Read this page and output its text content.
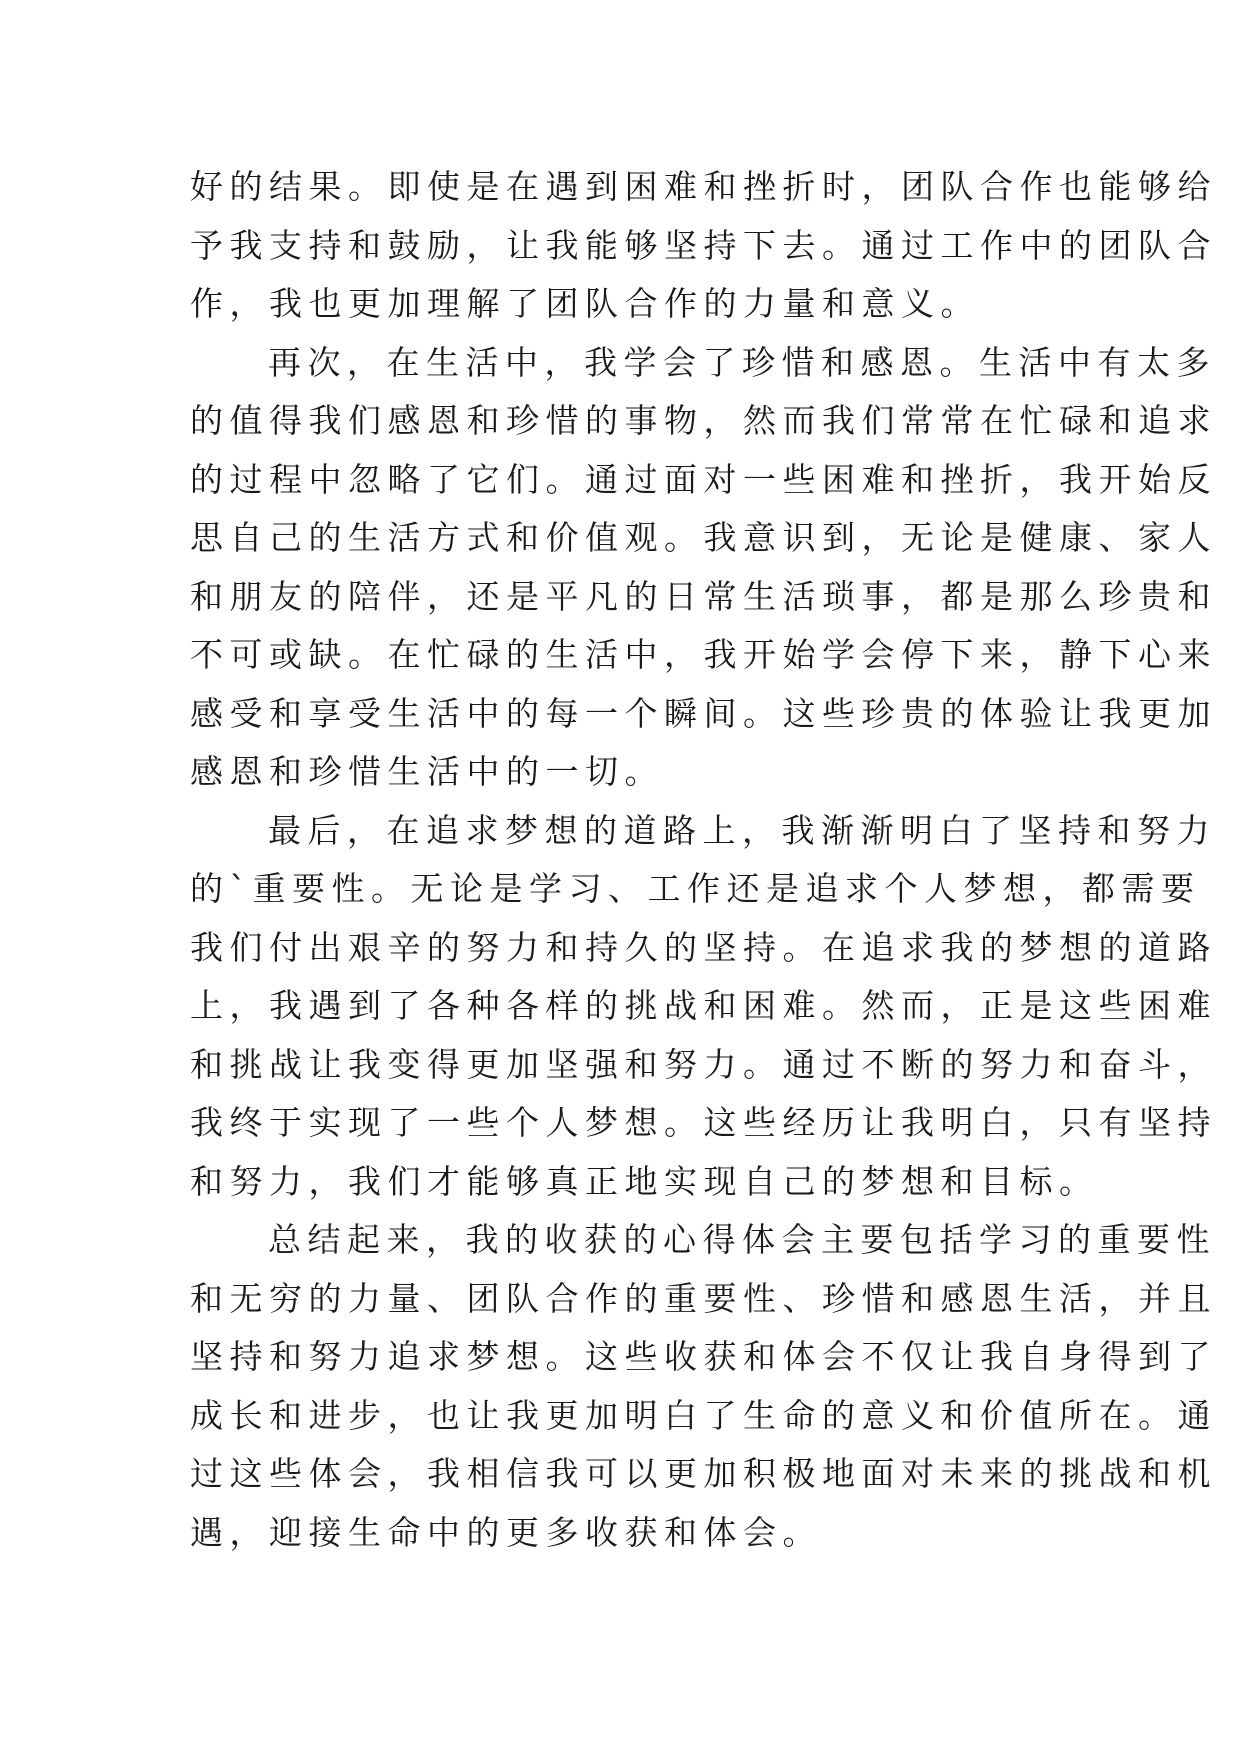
好的结果。即使是在遇到困难和挫折时，团队合作也能够给
予我支持和鼓励，让我能够坚持下去。通过工作中的团队合
作，我也更加理解了团队合作的力量和意义。
再次，在生活中，我学会了珍惜和感恩。生活中有太多
的值得我们感恩和珍惜的事物，然而我们常常在忙碌和追求
的过程中忽略了它们。通过面对一些困难和挫折，我开始反
思自己的生活方式和价值观。我意识到，无论是健康、家人
和朋友的陪伴，还是平凡的日常生活琐事，都是那么珍贵和
不可或缺。在忙碌的生活中，我开始学会停下来，静下心来
感受和享受生活中的每一个瞬间。这些珍贵的体验让我更加
感恩和珍惜生活中的一切。
最后，在追求梦想的道路上，我渐渐明白了坚持和努力
的`重要性。无论是学习、工作还是追求个人梦想，都需要
我们付出艰辛的努力和持久的坚持。在追求我的梦想的道路
上，我遇到了各种各样的挑战和困难。然而，正是这些困难
和挑战让我变得更加坚强和努力。通过不断的努力和奋斗，
我终于实现了一些个人梦想。这些经历让我明白，只有坚持
和努力，我们才能够真正地实现自己的梦想和目标。
总结起来，我的收获的心得体会主要包括学习的重要性
和无穷的力量、团队合作的重要性、珍惜和感恩生活，并且
坚持和努力追求梦想。这些收获和体会不仅让我自身得到了
成长和进步，也让我更加明白了生命的意义和价值所在。通
过这些体会，我相信我可以更加积极地面对未来的挑战和机
遇，迎接生命中的更多收获和体会。
